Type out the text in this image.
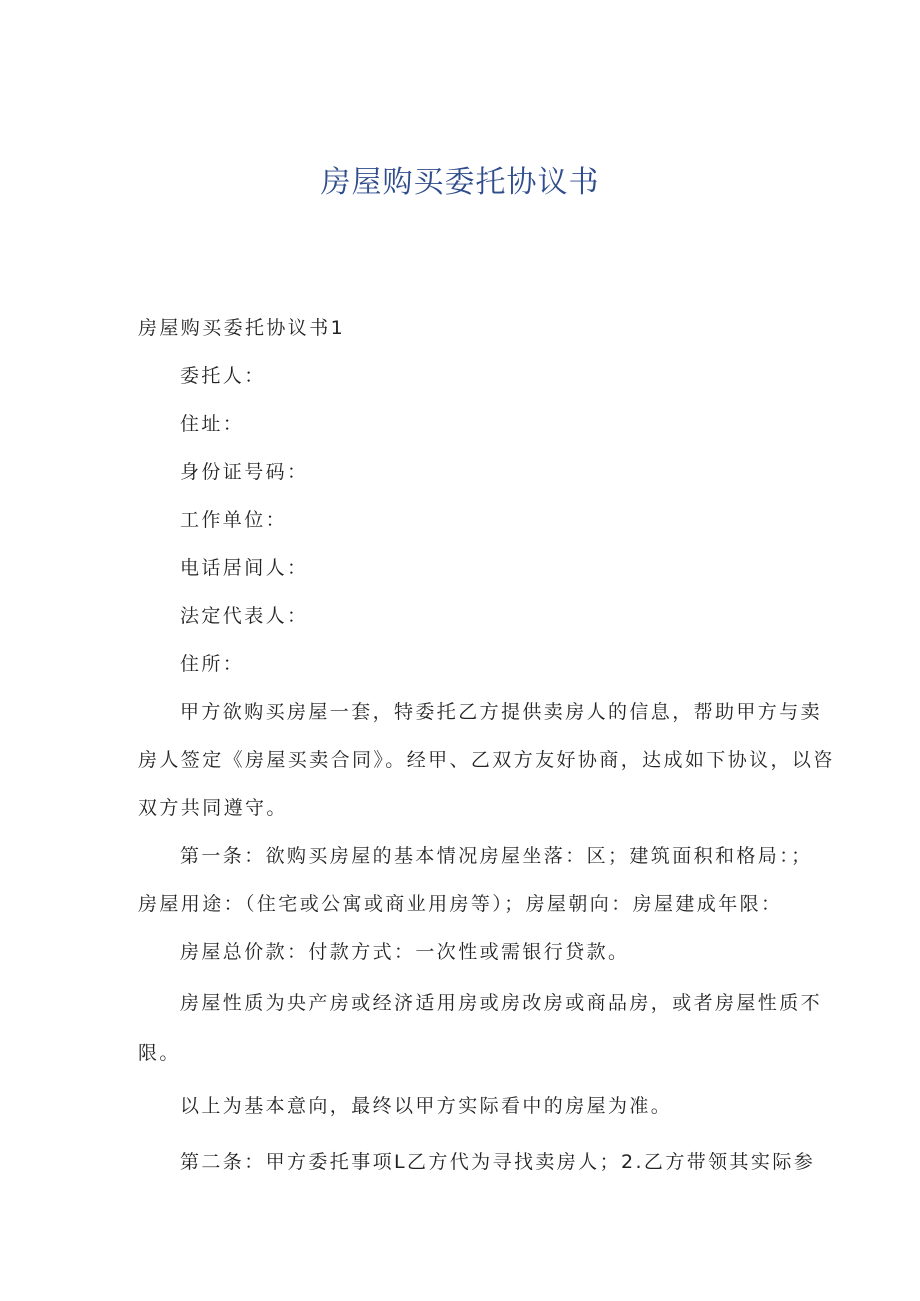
房屋购买委托协议书
房屋购买委托协议书1
委托人：
住址：
身份证号码：
工作单位：
电话居间人：
法定代表人：
住所：
甲方欲购买房屋一套，特委托乙方提供卖房人的信息，帮助甲方与卖
房人签定《房屋买卖合同》。经甲、乙双方友好协商，达成如下协议，以咨
双方共同遵守。
第一条：欲购买房屋的基本情况房屋坐落：区；建筑面积和格局：；
房屋用途：（住宅或公寓或商业用房等）；房屋朝向：房屋建成年限：
房屋总价款：付款方式：一次性或需银行贷款。
房屋性质为央产房或经济适用房或房改房或商品房，或者房屋性质不
限。
以上为基本意向，最终以甲方实际看中的房屋为准。
第二条：甲方委托事项L乙方代为寻找卖房人；2.乙方带领其实际参
